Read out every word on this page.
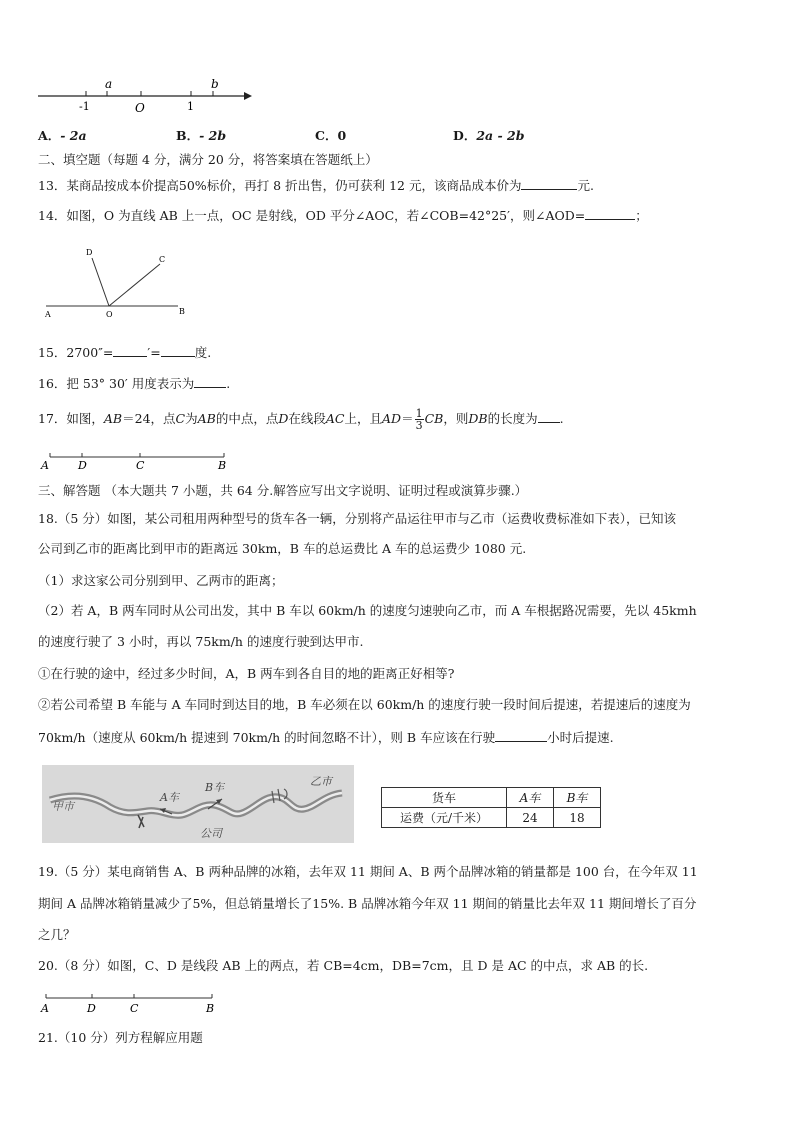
a	b
-1	O	1
A．- 2a	B．- 2b	C．0	D．2a - 2b
二、填空题（每题 4 分，满分 20 分，将答案填在答题纸上）
13．某商品按成本价提高50%标价，再打 8 折出售，仍可获利 12 元，该商品成本价为	元.
14．如图，O 为直线 AB 上一点，OC 是射线，OD 平分∠AOC，若∠COB=42°25′，则∠AOD=	；
D
C
A	O	B
15．2700″=	′=	度.
16．把 53° 30′ 用度表示为	.
17．如图，AB＝24，点C为AB的中点，点D在线段AC上，且$AD= \frac{1}{3}$ CB，则DB的长度为 .
A	D	C	B
三、解答题 （本大题共 7 小题，共 64 分.解答应写出文字说明、证明过程或演算步骤.）
18.（5 分）如图，某公司租用两种型号的货车各一辆，分别将产品运往甲市与乙市（运费收费标准如下表），已知该
公司到乙市的距离比到甲市的距离远 30km，B 车的总运费比 A 车的总运费少 1080 元.
（1）求这家公司分别到甲、乙两市的距离；
（2）若 A，B 两车同时从公司出发，其中 B 车以 60km/h 的速度匀速驶向乙市，而 A 车根据路况需要，先以 45kmh
的速度行驶了 3 小时，再以 75km/h 的速度行驶到达甲市.
①在行驶的途中，经过多少时间，A，B 两车到各自目的地的距离正好相等?
②若公司希望 B 车能与 A 车同时到达目的地，B 车必须在以 60km/h 的速度行驶一段时间后提速，若提速后的速度为
70km/h（速度从 60km/h 提速到 70km/h 的时间忽略不计），则 B 车应该在行驶	小时后提速.
甲市
A车
B车
公司
乙市
货车	A车	B车
运费（元/千米）	24	18
19.（5 分）某电商销售 A、B 两种品牌的冰箱，去年双 11 期间 A、B 两个品牌冰箱的销量都是 100 台，在今年双 11
期间 A 品牌冰箱销量减少了5%，但总销量增长了15%. B 品牌冰箱今年双 11 期间的销量比去年双 11 期间增长了百分
之几？
20.（8 分）如图，C、D 是线段 AB 上的两点，若 CB=4cm，DB=7cm，且 D 是 AC 的中点，求 AB 的长.
A	D	C	B
21.（10 分）列方程解应用题
